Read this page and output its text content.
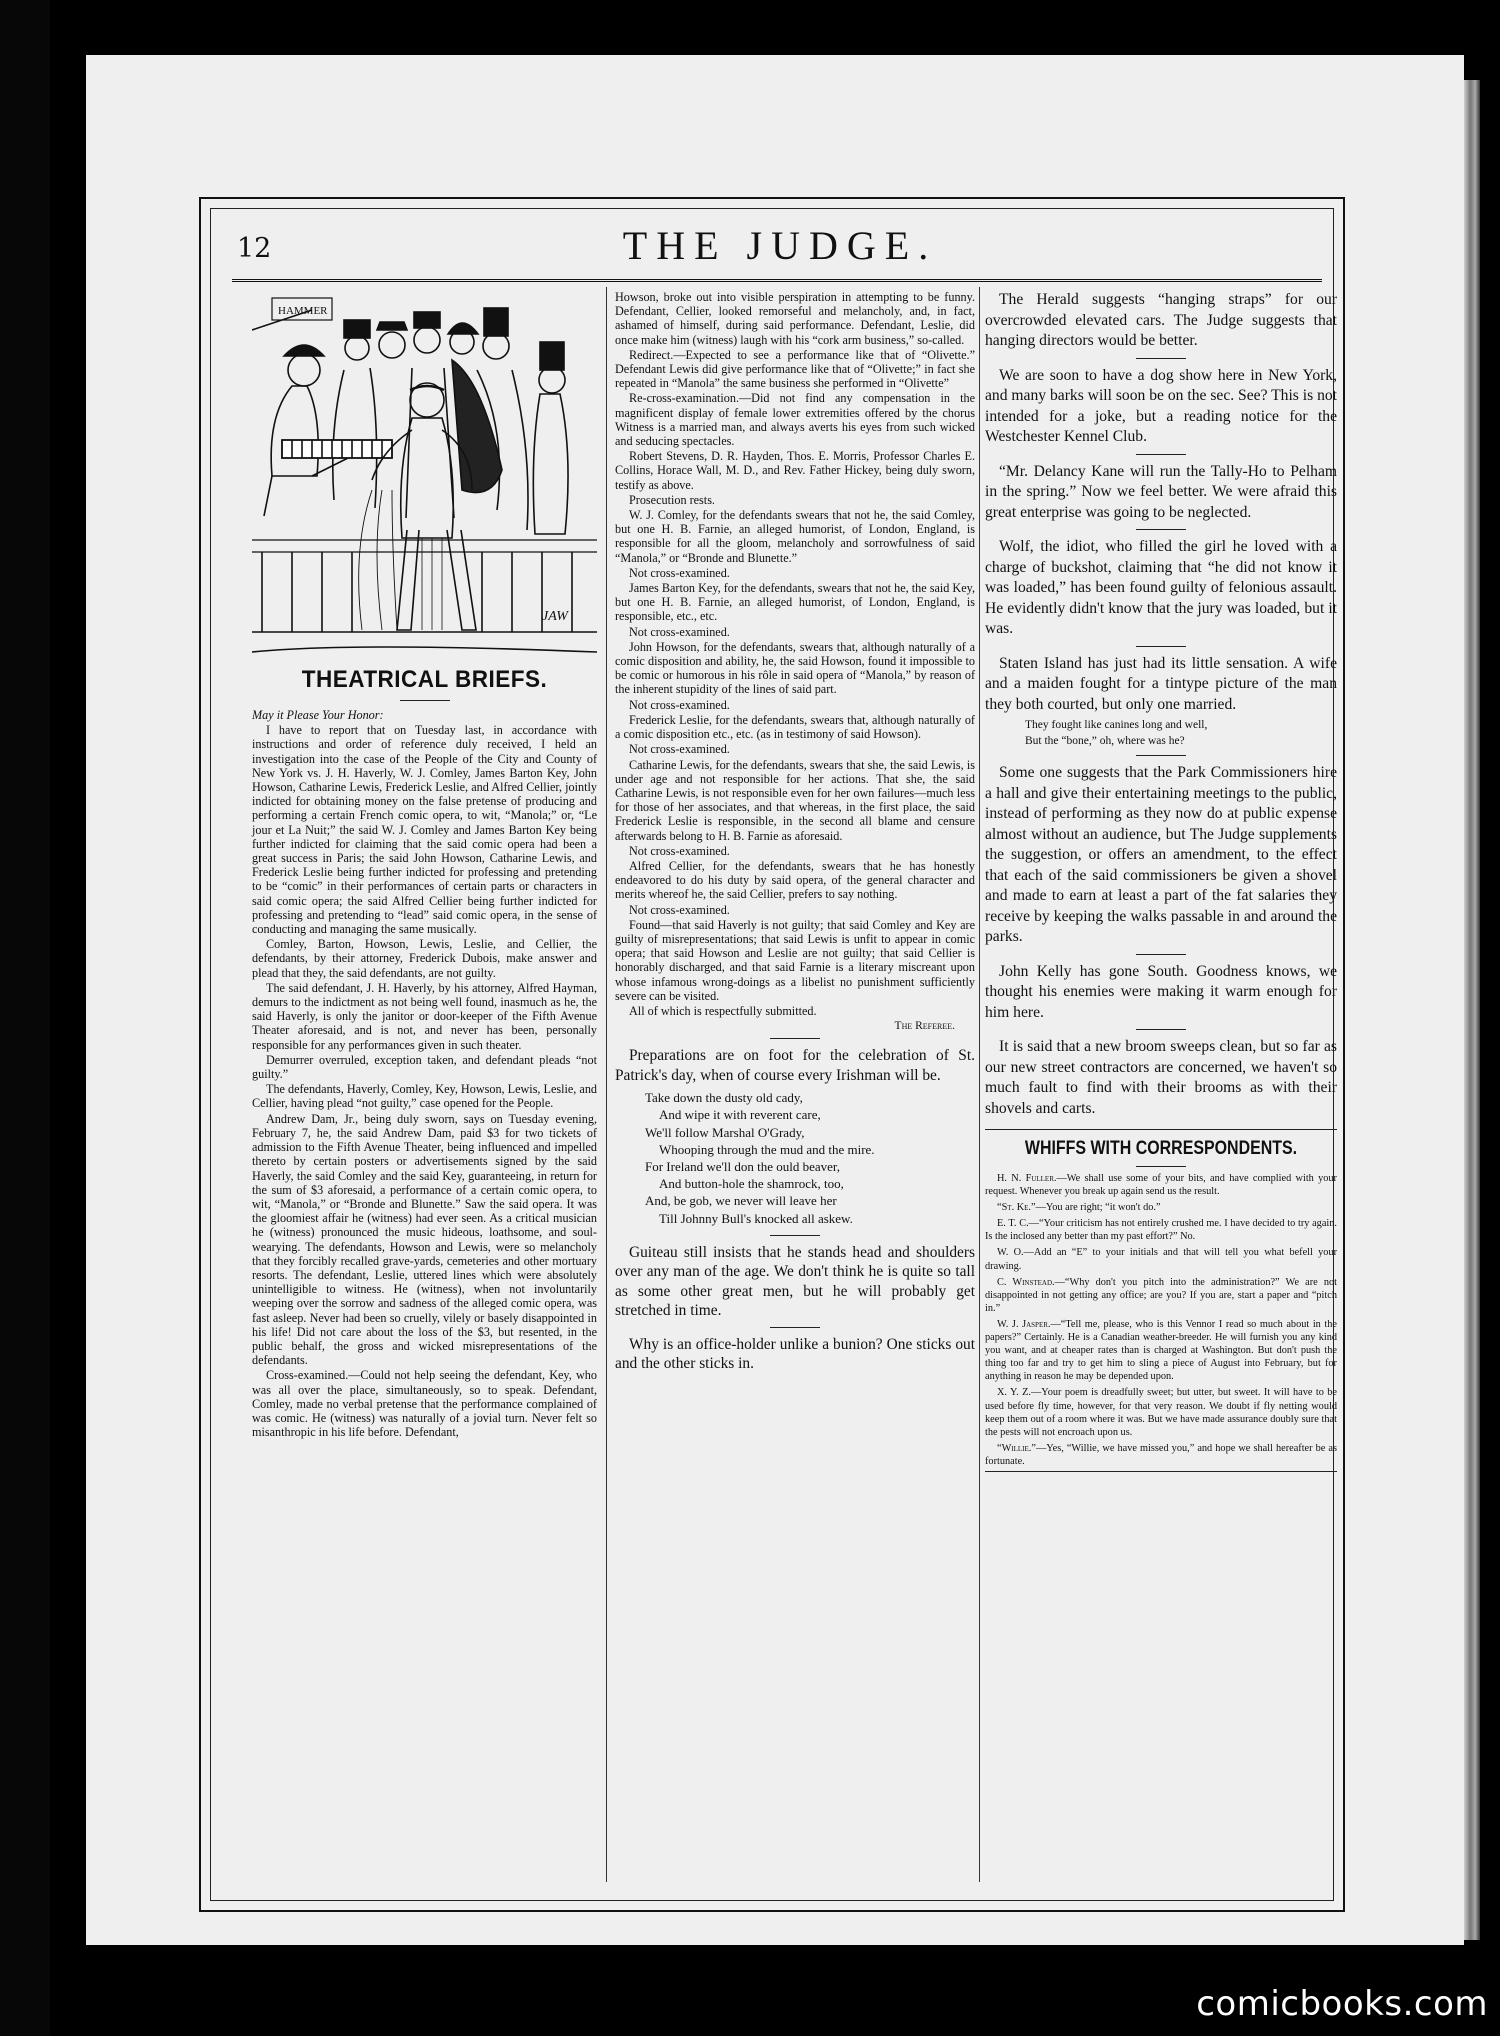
12	THE JUDGE.
HAMMER
JAW
THEATRICAL BRIEFS.

May it Please Your Honor:

I have to report that on Tuesday last, in accordance with instructions and order of reference duly received, I held an investigation into the case of the People of the City and County of New York vs. J. H. Haverly, W. J. Comley, James Barton Key, John Howson, Catharine Lewis, Frederick Leslie, and Alfred Cellier, jointly indicted for obtaining money on the false pretense of producing and performing a certain French comic opera, to wit, “Manola;” or, “Le jour et La Nuit;” the said W. J. Comley and James Barton Key being further indicted for claiming that the said comic opera had been a great success in Paris; the said John Howson, Catharine Lewis, and Frederick Leslie being further indicted for professing and pretending to be “comic” in their performances of certain parts or characters in said comic opera; the said Alfred Cellier being further indicted for professing and pretending to “lead” said comic opera, in the sense of conducting and managing the same musically.

Comley, Barton, Howson, Lewis, Leslie, and Cellier, the defendants, by their attorney, Frederick Dubois, make answer and plead that they, the said defendants, are not guilty.

The said defendant, J. H. Haverly, by his attorney, Alfred Hayman, demurs to the indictment as not being well found, inasmuch as he, the said Haverly, is only the janitor or door-keeper of the Fifth Avenue Theater aforesaid, and is not, and never has been, personally responsible for any performances given in such theater.

Demurrer overruled, exception taken, and defendant pleads “not guilty.”

The defendants, Haverly, Comley, Key, Howson, Lewis, Leslie, and Cellier, having plead “not guilty,” case opened for the People.

Andrew Dam, Jr., being duly sworn, says on Tuesday evening, February 7, he, the said Andrew Dam, paid $3 for two tickets of admission to the Fifth Avenue Theater, being influenced and impelled thereto by certain posters or advertisements signed by the said Haverly, the said Comley and the said Key, guaranteeing, in return for the sum of $3 aforesaid, a performance of a certain comic opera, to wit, “Manola,” or “Bronde and Blunette.” Saw the said opera. It was the gloomiest affair he (witness) had ever seen. As a critical musician he (witness) pronounced the music hideous, loathsome, and soul-wearying. The defendants, Howson and Lewis, were so melancholy that they forcibly recalled grave-yards, cemeteries and other mortuary resorts. The defendant, Leslie, uttered lines which were absolutely unintelligible to witness. He (witness), when not involuntarily weeping over the sorrow and sadness of the alleged comic opera, was fast asleep. Never had been so cruelly, vilely or basely disappointed in his life! Did not care about the loss of the $3, but resented, in the public behalf, the gross and wicked misrepresentations of the defendants.

Cross-examined.—Could not help seeing the defendant, Key, who was all over the place, simultaneously, so to speak. Defendant, Comley, made no verbal pretense that the performance complained of was comic. He (witness) was naturally of a jovial turn. Never felt so misanthropic in his life before. Defendant,

Howson, broke out into visible perspiration in attempting to be funny. Defendant, Cellier, looked remorseful and melancholy, and, in fact, ashamed of himself, during said performance. Defendant, Leslie, did once make him (witness) laugh with his “cork arm business,” so-called.

Redirect.—Expected to see a performance like that of “Olivette.” Defendant Lewis did give performance like that of “Olivette;” in fact she repeated in “Manola” the same business she performed in “Olivette”

Re-cross-examination.—Did not find any compensation in the magnificent display of female lower extremities offered by the chorus Witness is a married man, and always averts his eyes from such wicked and seducing spectacles.

Robert Stevens, D. R. Hayden, Thos. E. Morris, Professor Charles E. Collins, Horace Wall, M. D., and Rev. Father Hickey, being duly sworn, testify as above.

Prosecution rests.

W. J. Comley, for the defendants swears that not he, the said Comley, but one H. B. Farnie, an alleged humorist, of London, England, is responsible for all the gloom, melancholy and sorrowfulness of said “Manola,” or “Bronde and Blunette.”

Not cross-examined.

James Barton Key, for the defendants, swears that not he, the said Key, but one H. B. Farnie, an alleged humorist, of London, England, is responsible, etc., etc.

Not cross-examined.

John Howson, for the defendants, swears that, although naturally of a comic disposition and ability, he, the said Howson, found it impossible to be comic or humorous in his rôle in said opera of “Manola,” by reason of the inherent stupidity of the lines of said part.

Not cross-examined.

Frederick Leslie, for the defendants, swears that, although naturally of a comic disposition etc., etc. (as in testimony of said Howson).

Not cross-examined.

Catharine Lewis, for the defendants, swears that she, the said Lewis, is under age and not responsible for her actions. That she, the said Catharine Lewis, is not responsible even for her own failures—much less for those of her associates, and that whereas, in the first place, the said Frederick Leslie is responsible, in the second all blame and censure afterwards belong to H. B. Farnie as aforesaid.

Not cross-examined.

Alfred Cellier, for the defendants, swears that he has honestly endeavored to do his duty by said opera, of the general character and merits whereof he, the said Cellier, prefers to say nothing.

Not cross-examined.

Found—that said Haverly is not guilty; that said Comley and Key are guilty of misrepresentations; that said Lewis is unfit to appear in comic opera; that said Howson and Leslie are not guilty; that said Cellier is honorably discharged, and that said Farnie is a literary miscreant upon whose infamous wrong-doings as a libelist no punishment sufficiently severe can be visited.

All of which is respectfully submitted.

The Referee.

Preparations are on foot for the celebration of St. Patrick's day, when of course every Irishman will be.

Take down the dusty old cady,
And wipe it with reverent care,
We'll follow Marshal O'Grady,
Whooping through the mud and the mire.
For Ireland we'll don the ould beaver,
And button-hole the shamrock, too,
And, be gob, we never will leave her
Till Johnny Bull's knocked all askew.

Guiteau still insists that he stands head and shoulders over any man of the age. We don't think he is quite so tall as some other great men, but he will probably get stretched in time.

Why is an office-holder unlike a bunion? One sticks out and the other sticks in.

The Herald suggests “hanging straps” for our overcrowded elevated cars. The Judge suggests that hanging directors would be better.

We are soon to have a dog show here in New York, and many barks will soon be on the sec. See? This is not intended for a joke, but a reading notice for the Westchester Kennel Club.

“Mr. Delancy Kane will run the Tally-Ho to Pelham in the spring.” Now we feel better. We were afraid this great enterprise was going to be neglected.

Wolf, the idiot, who filled the girl he loved with a charge of buckshot, claiming that “he did not know it was loaded,” has been found guilty of felonious assault. He evidently didn't know that the jury was loaded, but it was.

Staten Island has just had its little sensation. A wife and a maiden fought for a tintype picture of the man they both courted, but only one married.

They fought like canines long and well,
But the “bone,” oh, where was he?

Some one suggests that the Park Commissioners hire a hall and give their entertaining meetings to the public, instead of performing as they now do at public expense almost without an audience, but The Judge supplements the suggestion, or offers an amendment, to the effect that each of the said commissioners be given a shovel and made to earn at least a part of the fat salaries they receive by keeping the walks passable in and around the parks.

John Kelly has gone South. Goodness knows, we thought his enemies were making it warm enough for him here.

It is said that a new broom sweeps clean, but so far as our new street contractors are concerned, we haven't so much fault to find with their brooms as with their shovels and carts.

WHIFFS WITH CORRESPONDENTS.

H. N. Fuller.—We shall use some of your bits, and have complied with your request. Whenever you break up again send us the result.

“St. Ke.”—You are right; “it won't do.”

E. T. C.—“Your criticism has not entirely crushed me. I have decided to try again. Is the inclosed any better than my past effort?” No.

W. O.—Add an “E” to your initials and that will tell you what befell your drawing.

C. Winstead.—“Why don't you pitch into the administration?” We are not disappointed in not getting any office; are you? If you are, start a paper and “pitch in.”

W. J. Jasper.—“Tell me, please, who is this Vennor I read so much about in the papers?” Certainly. He is a Canadian weather-breeder. He will furnish you any kind you want, and at cheaper rates than is charged at Washington. But don't push the thing too far and try to get him to sling a piece of August into February, but for anything in reason he may be depended upon.

X. Y. Z.—Your poem is dreadfully sweet; but utter, but sweet. It will have to be used before fly time, however, for that very reason. We doubt if fly netting would keep them out of a room where it was. But we have made assurance doubly sure that the pests will not encroach upon us.

“Willie.”—Yes, “Willie, we have missed you,” and hope we shall hereafter be as fortunate.

comicbooks.com
